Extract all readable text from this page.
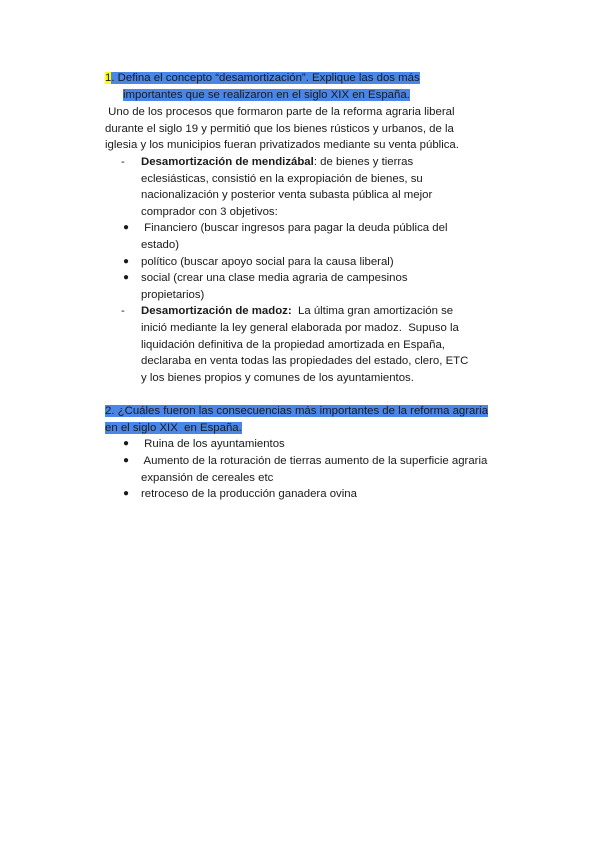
1. Defina el concepto “desamortización”. Explique las dos más
importantes que se realizaron en el siglo XIX en España.

Uno de los procesos que formaron parte de la reforma agraria liberal

durante el siglo 19 y permitió que los bienes rústicos y urbanos, de la

iglesia y los municipios fueran privatizados mediante su venta pública.

- Desamortización de mendizábal: de bienes y tierras
eclesiásticas, consistió en la expropiación de bienes, su
nacionalización y posterior venta subasta pública al mejor
comprador con 3 objetivos:
● Financiero (buscar ingresos para pagar la deuda pública del
estado)
● político (buscar apoyo social para la causa liberal)
● social (crear una clase media agraria de campesinos
propietarios)
- Desamortización de madoz:  La última gran amortización se
inició mediante la ley general elaborada por madoz.  Supuso la
liquidación definitiva de la propiedad amortizada en España,
declaraba en venta todas las propiedades del estado, clero, ETC
y los bienes propios y comunes de los ayuntamientos.
2. ¿Cuáles fueron las consecuencias más importantes de la reforma agraria
en el siglo XIX  en España.
● Ruina de los ayuntamientos
● Aumento de la roturación de tierras aumento de la superficie agraria
expansión de cereales etc
● retroceso de la producción ganadera ovina
